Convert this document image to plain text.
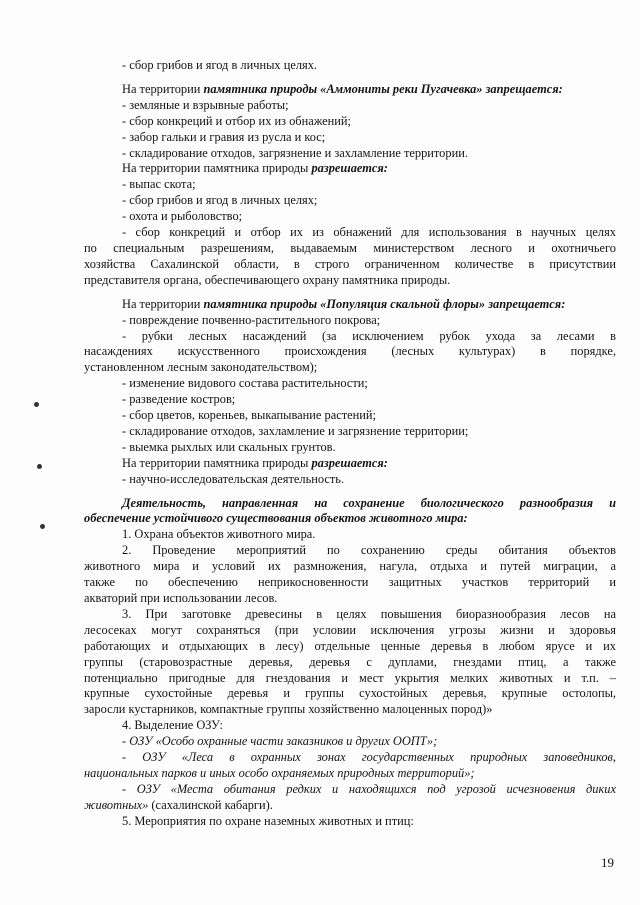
- сбор грибов и ягод в личных целях.
На территории памятника природы «Аммониты реки Пугачевка» запрещается:
- земляные и взрывные работы;
- сбор конкреций и отбор их из обнажений;
- забор гальки и гравия из русла и кос;
- складирование отходов, загрязнение и захламление территории.
На территории памятника природы разрешается:
- выпас скота;
- сбор грибов и ягод в личных целях;
- охота и рыболовство;
- сбор конкреций и отбор их из обнажений для использования в научных целях
по специальным разрешениям, выдаваемым министерством лесного и охотничьего
хозяйства Сахалинской области, в строго ограниченном количестве в присутствии
представителя органа, обеспечивающего охрану памятника природы.
На территории памятника природы «Популяция скальной флоры» запрещается:
- повреждение почвенно-растительного покрова;
- рубки лесных насаждений (за исключением рубок ухода за лесами в
насаждениях искусственного происхождения (лесных культурах) в порядке,
установленном лесным законодательством);
- изменение видового состава растительности;
- разведение костров;
- сбор цветов, кореньев, выкапывание растений;
- складирование отходов, захламление и загрязнение территории;
- выемка рыхлых или скальных грунтов.
На территории памятника природы разрешается:
- научно-исследовательская деятельность.
Деятельность, направленная на сохранение биологического разнообразия и
обеспечение устойчивого существования объектов животного мира:
1. Охрана объектов животного мира.
2. Проведение мероприятий по сохранению среды обитания объектов
животного мира и условий их размножения, нагула, отдыха и путей миграции, а
также по обеспечению неприкосновенности защитных участков территорий и
акваторий при использовании лесов.
3. При заготовке древесины в целях повышения биоразнообразия лесов на
лесосеках могут сохраняться (при условии исключения угрозы жизни и здоровья
работающих и отдыхающих в лесу) отдельные ценные деревья в любом ярусе и их
группы (старовозрастные деревья, деревья с дуплами, гнездами птиц, а также
потенциально пригодные для гнездования и мест укрытия мелких животных и т.п. –
крупные сухостойные деревья и группы сухостойных деревья, крупные остолопы,
заросли кустарников, компактные группы хозяйственно малоценных пород)»
4. Выделение ОЗУ:
- ОЗУ «Особо охранные части заказников и других ООПТ»;
- ОЗУ «Леса в охранных зонах государственных природных заповедников,
национальных парков и иных особо охраняемых природных территорий»;
- ОЗУ «Места обитания редких и находящихся под угрозой исчезновения диких
животных» (сахалинской кабарги).
5. Мероприятия по охране наземных животных и птиц:
19
